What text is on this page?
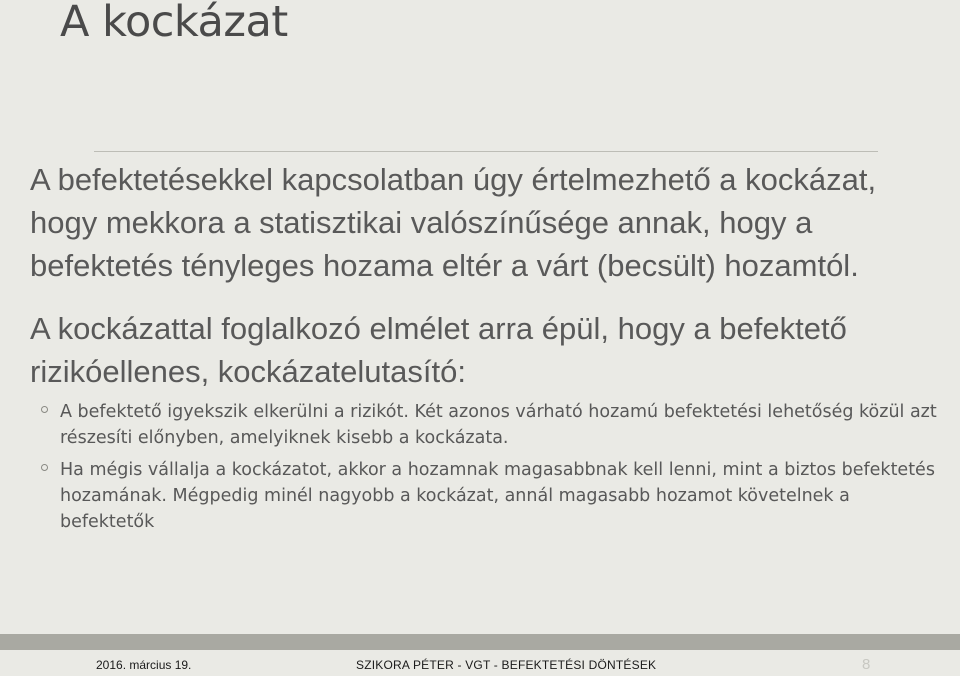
A kockázat

A befektetésekkel kapcsolatban úgy értelmezhető a kockázat, hogy mekkora a statisztikai valószínűsége annak, hogy a befektetés tényleges hozama eltér a várt (becsült) hozamtól.

A kockázattal foglalkozó elmélet arra épül, hogy a befektető rizikóellenes, kockázatelutasító:

A befektető igyekszik elkerülni a rizikót. Két azonos várható hozamú befektetési lehetőség közül azt részesíti előnyben, amelyiknek kisebb a kockázata.
Ha mégis vállalja a kockázatot, akkor a hozamnak magasabbnak kell lenni, mint a biztos befektetés hozamának. Mégpedig minél nagyobb a kockázat, annál magasabb hozamot követelnek a befektetők
2016. március 19.	SZIKORA PÉTER - VGT - BEFEKTETÉSI DÖNTÉSEK	8
